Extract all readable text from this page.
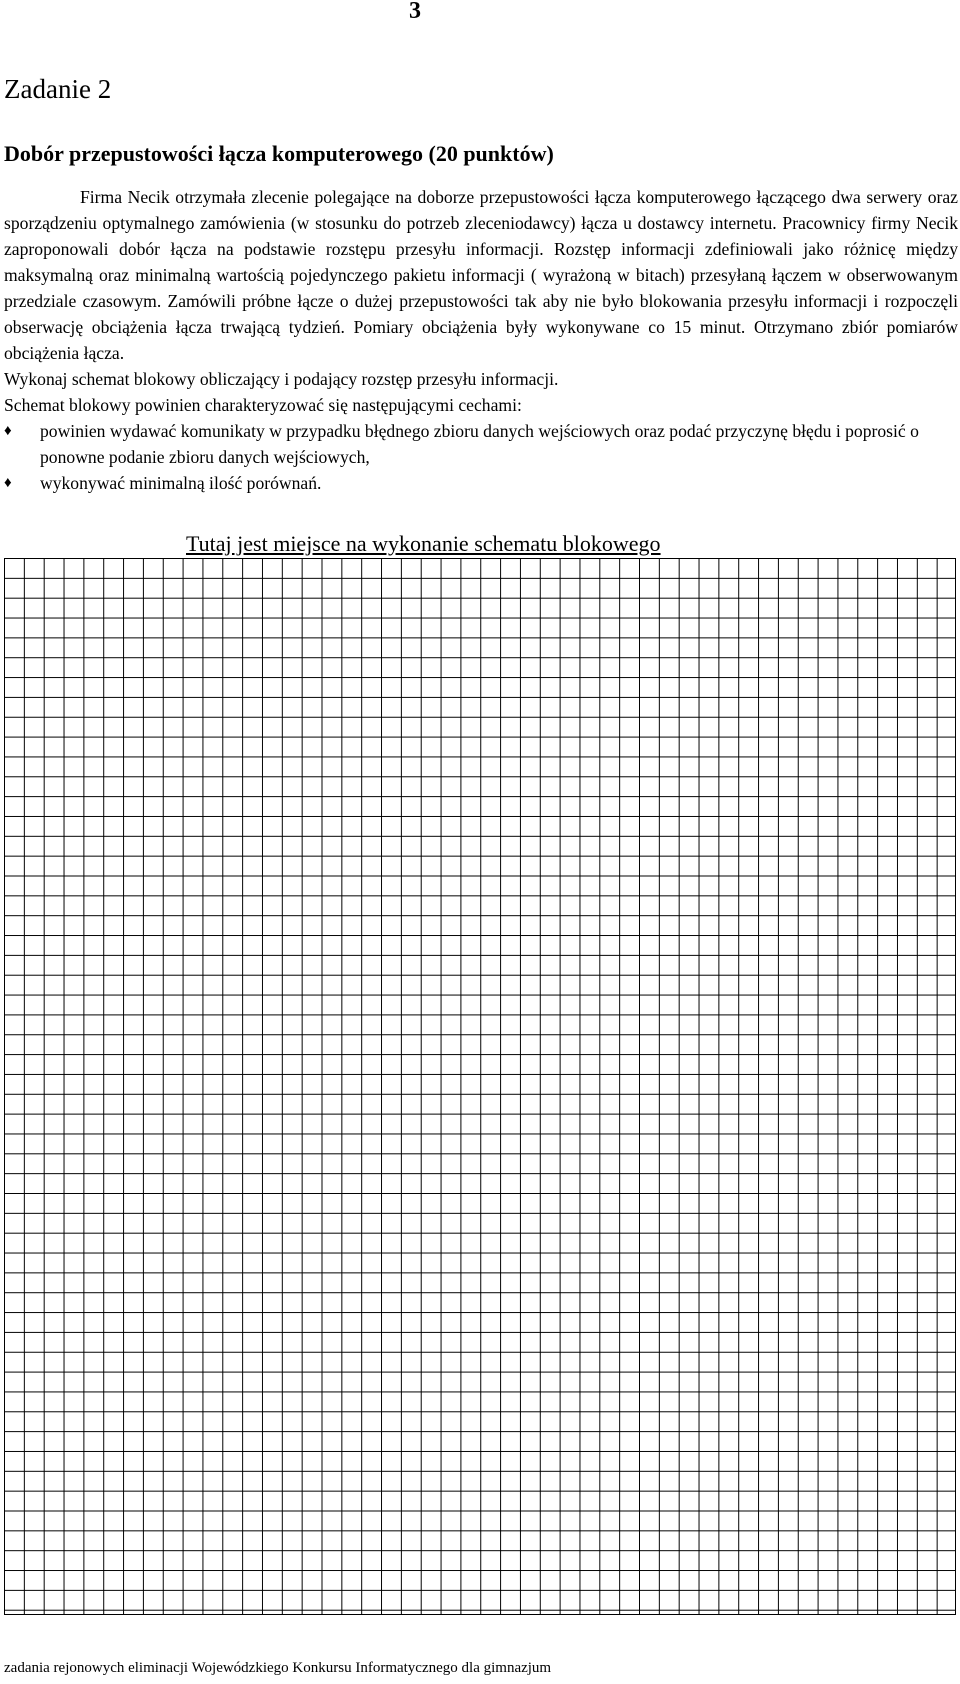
3
Zadanie 2
Dobór przepustowości łącza komputerowego (20 punktów)

Firma Necik otrzymała zlecenie polegające na doborze przepustowości łącza komputerowego łączącego dwa serwery oraz sporządzeniu optymalnego zamówienia (w stosunku do potrzeb zleceniodawcy) łącza u dostawcy internetu. Pracownicy firmy Necik zaproponowali dobór łącza na podstawie rozstępu przesyłu informacji. Rozstęp informacji zdefiniowali jako różnicę między maksymalną oraz minimalną wartością pojedynczego pakietu informacji ( wyrażoną w bitach) przesyłaną łączem w obserwowanym przedziale czasowym. Zamówili próbne łącze o dużej przepustowości tak aby nie było blokowania przesyłu informacji i rozpoczęli obserwację obciążenia łącza trwającą tydzień. Pomiary obciążenia były wykonywane co 15 minut. Otrzymano zbiór pomiarów obciążenia łącza.

Wykonaj schemat blokowy obliczający i podający rozstęp przesyłu informacji.

Schemat blokowy powinien charakteryzować się następującymi cechami:

♦ powinien wydawać komunikaty w przypadku błędnego zbioru danych wejściowych oraz podać przyczynę błędu i poprosić o ponowne podanie zbioru danych wejściowych,
♦ wykonywać minimalną ilość porównań.
Tutaj jest miejsce na wykonanie schematu blokowego
zadania rejonowych eliminacji Wojewódzkiego Konkursu Informatycznego dla gimnazjum
